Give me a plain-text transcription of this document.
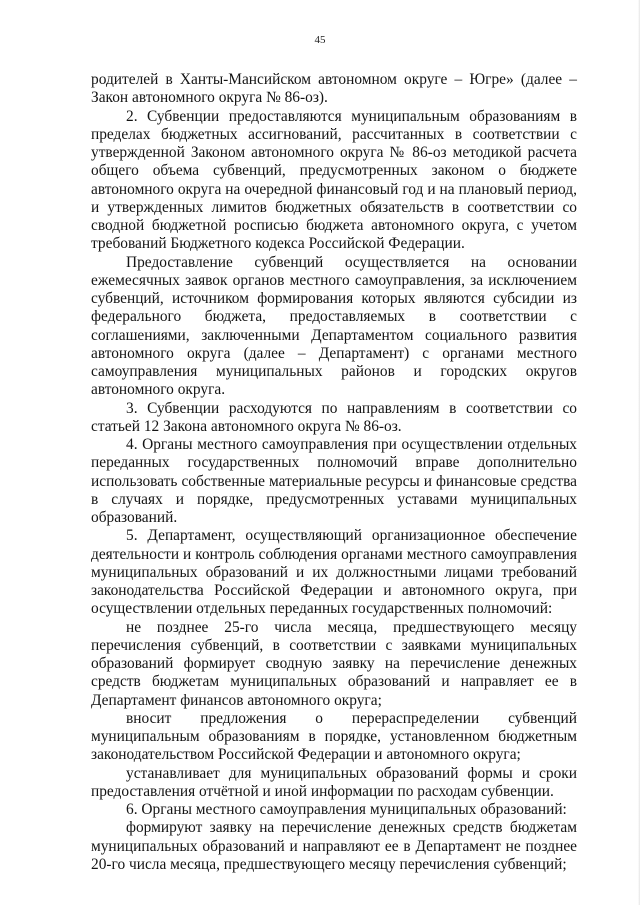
45

родителей в Ханты-Мансийском автономном округе – Югре» (далее – Закон автономного округа № 86-оз).

2. Субвенции предоставляются муниципальным образованиям в пределах бюджетных ассигнований, рассчитанных в соответствии с утвержденной Законом автономного округа № 86-оз методикой расчета общего объема субвенций, предусмотренных законом о бюджете автономного округа на очередной финансовый год и на плановый период, и утвержденных лимитов бюджетных обязательств в соответствии со сводной бюджетной росписью бюджета автономного округа, с учетом требований Бюджетного кодекса Российской Федерации.

Предоставление субвенций осуществляется на основании ежемесячных заявок органов местного самоуправления, за исключением субвенций, источником формирования которых являются субсидии из федерального бюджета, предоставляемых в соответствии с соглашениями, заключенными Департаментом социального развития автономного округа (далее – Департамент) с органами местного самоуправления муниципальных районов и городских округов автономного округа.

3. Субвенции расходуются по направлениям в соответствии со статьей 12 Закона автономного округа № 86-оз.

4. Органы местного самоуправления при осуществлении отдельных переданных государственных полномочий вправе дополнительно использовать собственные материальные ресурсы и финансовые средства в случаях и порядке, предусмотренных уставами муниципальных образований.

5. Департамент, осуществляющий организационное обеспечение деятельности и контроль соблюдения органами местного самоуправления муниципальных образований и их должностными лицами требований законодательства Российской Федерации и автономного округа, при осуществлении отдельных переданных государственных полномочий:

не позднее 25-го числа месяца, предшествующего месяцу перечисления субвенций, в соответствии с заявками муниципальных образований формирует сводную заявку на перечисление денежных средств бюджетам муниципальных образований и направляет ее в Департамент финансов автономного округа;

вносит предложения о перераспределении субвенций муниципальным образованиям в порядке, установленном бюджетным законодательством Российской Федерации и автономного округа;

устанавливает для муниципальных образований формы и сроки предоставления отчётной и иной информации по расходам субвенции.

6. Органы местного самоуправления муниципальных образований:

формируют заявку на перечисление денежных средств бюджетам муниципальных образований и направляют ее в Департамент не позднее 20-го числа месяца, предшествующего месяцу перечисления субвенций;
